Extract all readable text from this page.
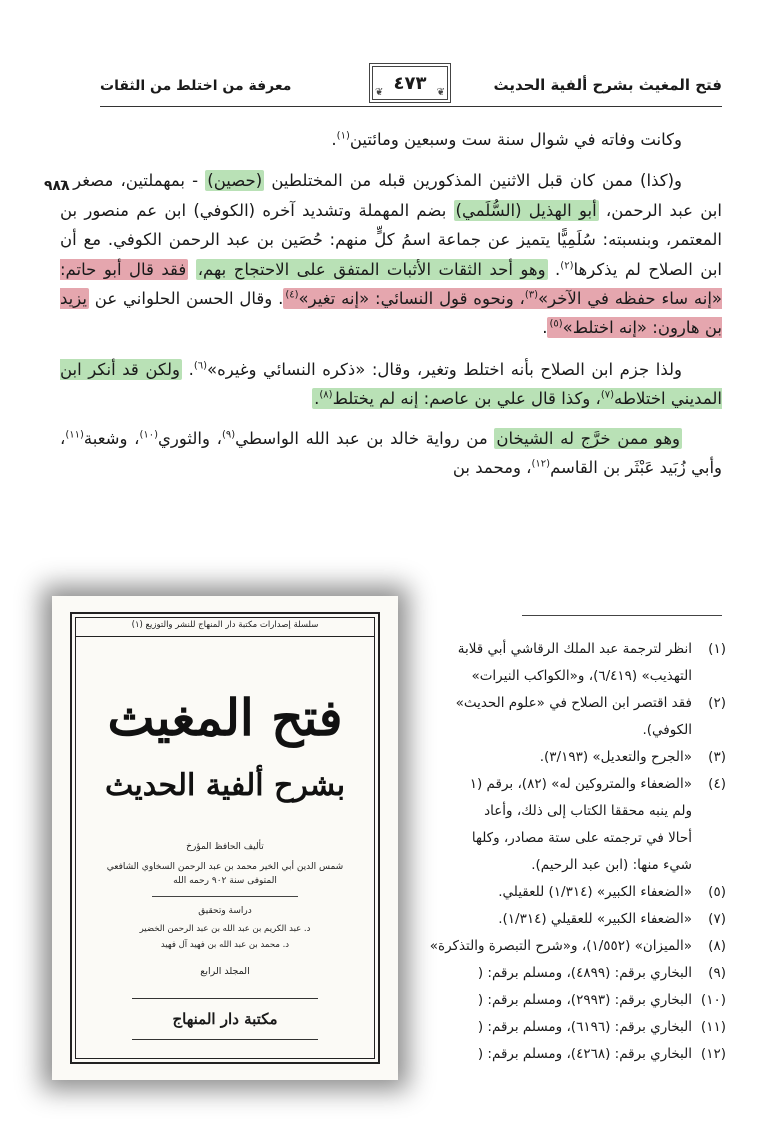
فتح المغيث بشرح ألفية الحديث
٤٧٣
❦	❦
معرفة من اختلط من الثقات
٩٨٨

وكانت وفاته في شوال سنة ست وسبعين ومائتين$^{(١)}$.

و(كذا) ممن كان قبل الاثنين المذكورين قبله من المختلطين (حصين) - بمهملتين، مصغر - ابن عبد الرحمن، أبو الهذيل (السُّلَمي) بضم المهملة وتشديد آخره (الكوفي) ابن عم منصور بن المعتمر، وبنسبته: سُلَمِيًّا يتميز عن جماعة اسمُ كلٍّ منهم: حُصَين بن عبد الرحمن الكوفي. مع أن ابن الصلاح لم يذكرها$^{(٢)}$. وهو أحد الثقات الأثبات المتفق على الاحتجاج بهم، فقد قال أبو حاتم: «إنه ساء حفظه في الآخر»$^{(٣)}$، ونحوه قول النسائي: «إنه تغير»$^{(٤)}$. وقال الحسن الحلواني عن يزيد بن هارون: «إنه اختلط»$^{(٥)}$.

ولذا جزم ابن الصلاح بأنه اختلط وتغير، وقال: «ذكره النسائي وغيره»$^{(٦)}$. ولكن قد أنكر ابن المديني اختلاطه$^{(٧)}$، وكذا قال علي بن عاصم: إنه لم يختلط$^{(٨)}$.

وهو ممن خرَّج له الشيخان من رواية خالد بن عبد الله الواسطي$^{(٩)}$، والثوري$^{(١٠)}$، وشعبة$^{(١١)}$، وأبي زُبَيد عَبْثَر بن القاسم$^{(١٢)}$، ومحمد بن

(١)انظر لترجمة عبد الملك الرقاشي أبي قلابة
التهذيب» (٦/٤١٩)، و«الكواكب النيرات»
(٢)فقد اقتصر ابن الصلاح في «علوم الحديث»
الكوفي).
(٣)«الجرح والتعديل» (٣/١٩٣).
(٤)«الضعفاء والمتروكين له» (٨٢)، برقم (١
ولم ينبه محققا الكتاب إلى ذلك، وأعاد
أحالا في ترجمته على ستة مصادر، وكلها
شيء منها: (ابن عبد الرحيم).
(٥)«الضعفاء الكبير» (١/٣١٤) للعقيلي.
(٧)«الضعفاء الكبير» للعقيلي (١/٣١٤).
(٨)«الميزان» (١/٥٥٢)، و«شرح التبصرة والتذكرة»
(٩)البخاري برقم: (٤٨٩٩)، ومسلم برقم: (
(١٠)البخاري برقم: (٢٩٩٣)، ومسلم برقم: (
(١١)البخاري برقم: (٦١٩٦)، ومسلم برقم: (
(١٢)البخاري برقم: (٤٢٦٨)، ومسلم برقم: (
سلسلة إصدارات مكتبة دار المنهاج للنشر والتوزيع (١)
فتح المغيث
بشرح ألفية الحديث
تأليف الحافظ المؤرخ
شمس الدين أبي الخير محمد بن عبد الرحمن السخاوي الشافعي
المتوفى سنة ٩٠٢ رحمه الله
دراسة وتحقيق
د. عبد الكريم بن عبد الله بن عبد الرحمن الخضير
د. محمد بن عبد الله بن فهيد آل فهيد
المجلد الرابع
مكتبة دار المنهاج
